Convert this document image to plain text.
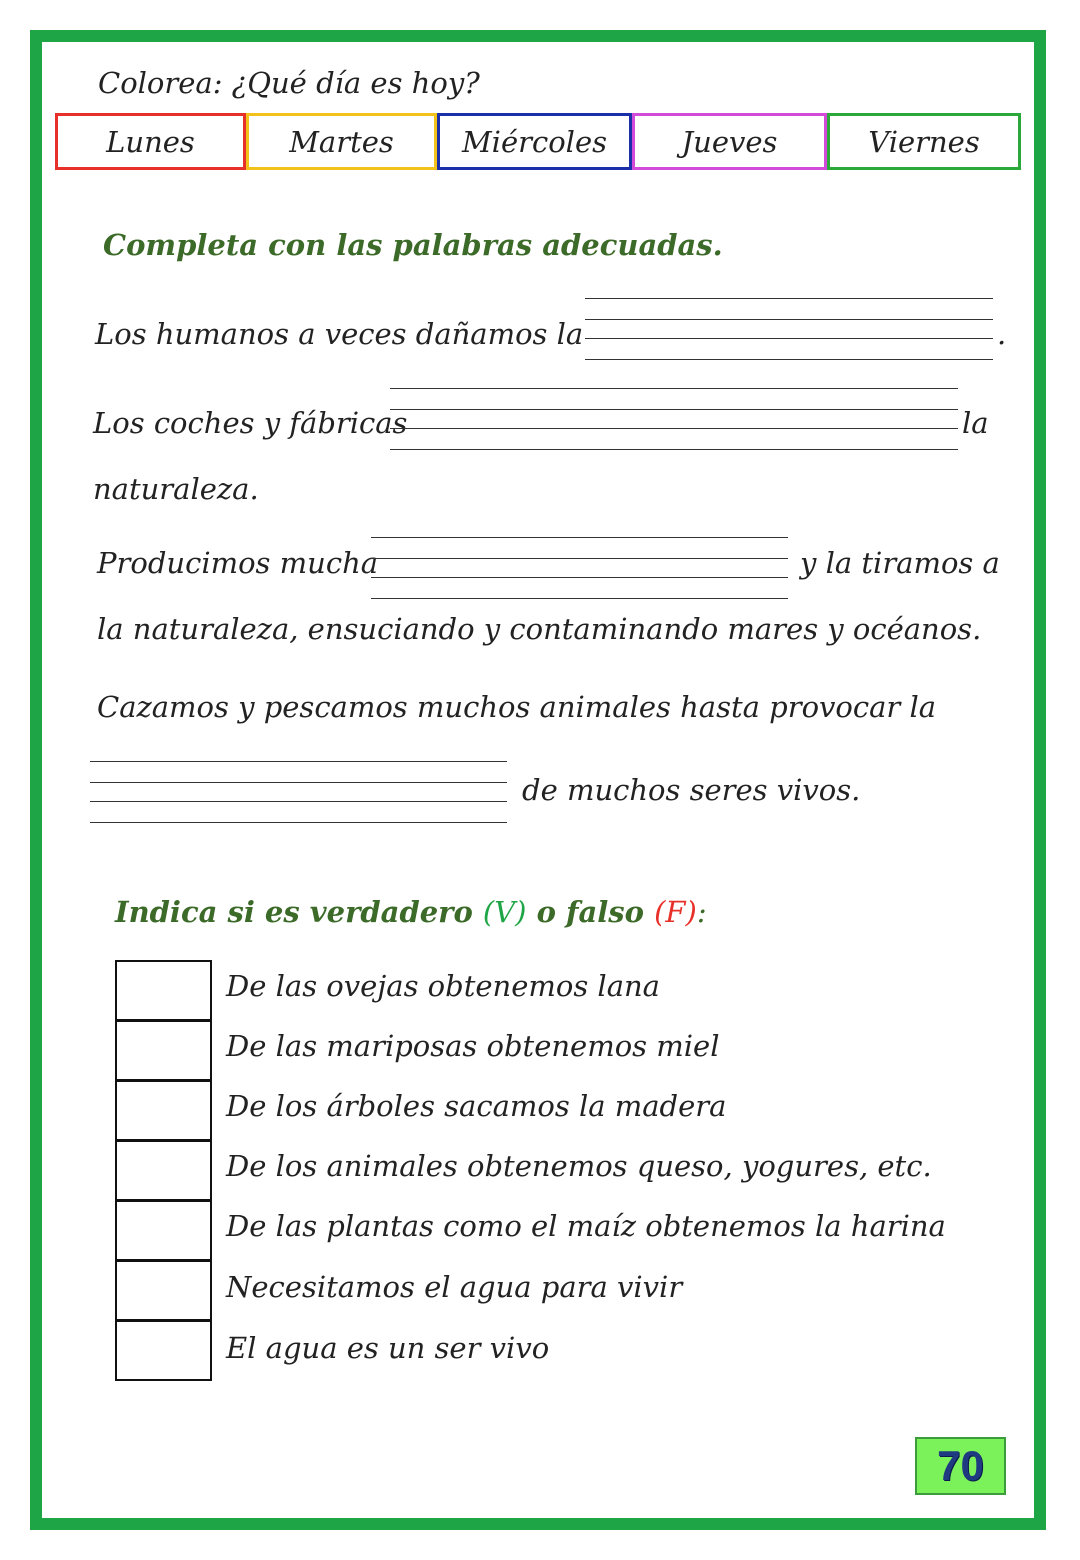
Colorea: ¿Qué día es hoy?
Lunes	Martes Miércoles	Jueves	Viernes
Completa con las palabras adecuadas.
Los humanos a veces dañamos la	.
Los coches y fábricas	la
naturaleza.
Producimos mucha	y la tiramos a
la naturaleza, ensuciando y contaminando mares y océanos.
Cazamos y pescamos muchos animales hasta provocar la
de muchos seres vivos.
Indica si es verdadero (V) o falso (F):
De las ovejas obtenemos lana
De las mariposas obtenemos miel
De los árboles sacamos la madera
De los animales obtenemos queso, yogures, etc.
De las plantas como el maíz obtenemos la harina
Necesitamos el agua para vivir
El agua es un ser vivo
70
